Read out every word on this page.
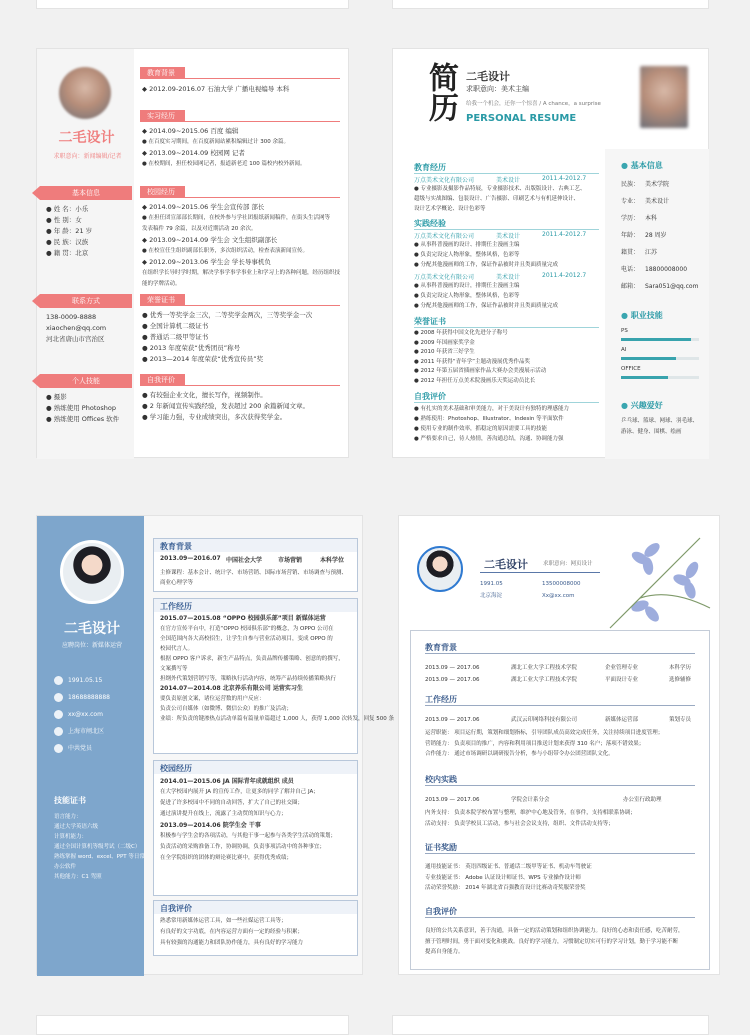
二毛设计
求职意向：新闻编辑/记者
基本信息
● 姓 名：小乐
● 性 别：女
● 年 龄：21 岁
● 民 族：汉族
● 籍 贯：北京
联系方式
138-0009-8888
xiaochen@qq.com
河北省唐山市宫治区
个人技能
● 摄影
● 熟练使用 Photoshop
● 熟练使用 Offices 软件
教育背景
◆ 2012.09-2016.07 石油大学 广播电视编导 本科
实习经历
◆ 2014.09~2015.06 百度 编辑
● 在百度实习期间，在百度新闻站累积编辑过计 300 余篇。
◆ 2013.09~2014.09 校园网 记者
● 在校期间，担任校园网记者，报道新老近 100 篇校内校外新闻。
校园经历
◆ 2014.09~2015.06 学生会宣传部 部长
● 在担任团宣部部长期间，在校外参与学社团报纸新闻稿件，在街头生活网等
发表稿件 79 余篇，以及对近期活动 20 余次。
◆ 2013.09~2014.09 学生会 文生组织副部长
● 在校宣任生组织副部长职务，多次组织活动，检查表演新闻宣传。
◆ 2012.09~2013.06 学生会 学长导事机负
在组织学长导时学时期，解决学事学事学事业上和学习上的各种问题，经历组织技
能的学牌活动。
荣誉证书
● 优秀一等奖学金三次，二等奖学金两次，三等奖学金一次
● 全国计算机二级证书
● 普通话二级甲等证书
● 2013 年度荣获“优秀团员”称号
● 2013—2014 年度荣获“优秀宣传员”奖
自我评价
● 有较强企业文化，擅长写作，视频制作。
● 2 年新闻宣传实践经验，发表超过 200 余篇新闻文章。
● 学习能力强，专业成绩突出，多次获得奖学金。
简历 二毛设计
求职意向：美术主编
给我一个机会，还你一个惊喜 / A chance，a surprise
PERSONAL RESUME
教育经历
万点美术文化有限公司	美术设计	2011.4-2012.7
● 专业摄影及摄影作品特展，专业摄影技术、出版版设计、古典工艺、
超级与实战图编、包装设计、广告摄影、印刷艺术与有机延伸设计、
设计艺术学概论、设计色彩等
实践经验
万点美术文化有限公司	美术设计	2011.4-2012.7
● 从事科普漫画的设计、排期任主漫画主编
● 负责完设定人物形象，整体风格，色彩等
● 分配其他漫画师的工作，保证作品被时并且类面质量完成
万点美术文化有限公司	美术设计	2011.4-2012.7
● 从事科普漫画的设计，排期任主漫画主编
● 负责完设定人物形象，整体风格，色彩等
● 分配其他漫画师的工作，保证作品被时并且类面质量完成
荣誉证书
● 2008 年获得中国文化先进分子称号
● 2009 年国画家奖学金
● 2010 年获省三好学生
● 2011 年获得“青年学”主题动漫展优秀作品奖
● 2012 年第五届省插画家作品大赛办会美漫展示活动
● 2012 年担任万点美术院漫画乐天奖运动员比长
自我评价
● 有扎实的美术基础和审美能力，对于美设计有独特的理感能力
● 熟练使用：Photoshop、Illustrator、Indesin 等平面软件
● 使用专业的制作效率，抓稳定的原因需要工具的技能
● 严格要求自己，待人热情，善沟通总结，沟通、协调能力强
● 基本信息
民族： 美术学院
专业： 美术设计
学历： 本科
年龄： 28 周岁
籍贯： 江苏
电话： 18800008000
邮箱： Sara051@qq.com
● 职业技能
PS
AI
OFFICE
● 兴趣爱好
乒乓球、篮球、网球、羽毛球、
游泳、健身、围棋、绘画
二毛设计
应聘岗位：新媒体运营
1991.05.15
18688888888
xx@xx.com
上海市闸北区
中共党员
技能证书
语言能力：
通过大学英语六级
计算机能力：
通过全国计算机等级考试（二级C）
熟练掌握 word、excel、PPT 等日常
办公软件
其他能力：C1 驾照
教育背景
2013.09—2016.07 中国社会大学	市场营销	本科学位
主修课程：基本会计、统计学、市场营销、国际市场营销、市场调查与预测、
商业心理学等
工作经历
2015.07—2015.08 “OPPO 校园俱乐部”项目 新媒体运营
在官方宣传平台中，打造“OPPO 校园俱乐部”的概念，为 OPPO 公司在
全国范围内各大高校招生，让学生自参与营业活动项目，变成 OPPO 的
校园代言人。
根据 OPPO 客户诉求，新生产品特点，负责品牌传播策略、创意的的撰写，
文案撰写等
担纲外代策划营销写等，策略执行活动内容，统筹产品持续传播策略执行
2014.07—2014.08 北京养乐有限公司 运营实习生
要负责原创文案，诸位运营数的用户反应：
负责公司自媒体（如微博、微信公众）的推广及活动；
业绩：所负责的键渗热点活动单篇有篇量单篇超过 1,000 人，获得 1,000 次转发，回复 500 条
校园经历
2014.01—2015.06 JA 国际青年成就组织 成员
在大学校园内展开 JA 的宣传工作，让更多的同学了解并自己 JA；
促进了许多校园中不同的自动回答，扩大了自己的社交圈；
通过演讲提升在线上，流露了主动贸的知识与心力；
2013.09—2014.06 院学生会 干事
积极参与学生会的各项活动，与其他干事一起参与各类学生活动的策划；
负责活动的采购准备工作，协调协调，负责事项活动中的各种事宜；
在全学院组织的团体的辩论赛比赛中，获得优秀成绩；
自我评价
熟悉常用新媒体运营工具，如一些社媒运营工具等；
有良好的文字功底，在内容运营方面有一定的经验与积累；
具有较强的沟通能力和团队协作能力，具有良好的学习能力
二毛设计	求职意向：网页设计
1991.05	13500008000

北京海淀	Xx@xx.com
教育背景
2013.09 — 2017.06	湖北工业大学工程技术学院	企业管理专业	本科学历
2013.09 — 2017.06	湖北工业大学工程技术学院	平面设计专业	选修辅修
工作经历
2013.09 — 2017.06	武汉云印网络科技有限公司	新媒体运营部	策划专员
运营职能： 项目运行期，策划和细划指标，引导团队成员高效完成任务，关注持续项目进度管理；
营销能力： 负责项目的推广，内容和利用项目推送计划来获得 310 名户；落项不错效果；
合作能力： 通过市场调研以调研报告分析，参与小组带令办公团营团队文化。
校内实践
2013.09 — 2017.06	学院会计系分会	办公室行政助理
内务支持： 负责本院学校布置与整理，维护中心地及管务，在事件，支持相联系协调；
活动支持： 负责学校员工活动，参与社会会议支持，组织、文件活动支持等；
证书奖励
通用技能证书： 英语四级证书、普通话二级甲等证书、机动车驾驶证
专业技能证书： Adobe 认证设计师证书、WPS 专业操作设计师
活动荣誉奖励： 2014 年湖北省百强教育设计比赛动奇奖服荣誉奖
自我评价
良好的公共关系意识，善于沟通，具备一定的活动策划和组织协调能力。良好的心态和责任感，吃苦耐劳，
擅于管理时间，勇于面对变化和挑战。良好的学习能力，习惯制定切实可行的学习计划，勤于学习能不断
提高自身能力。
